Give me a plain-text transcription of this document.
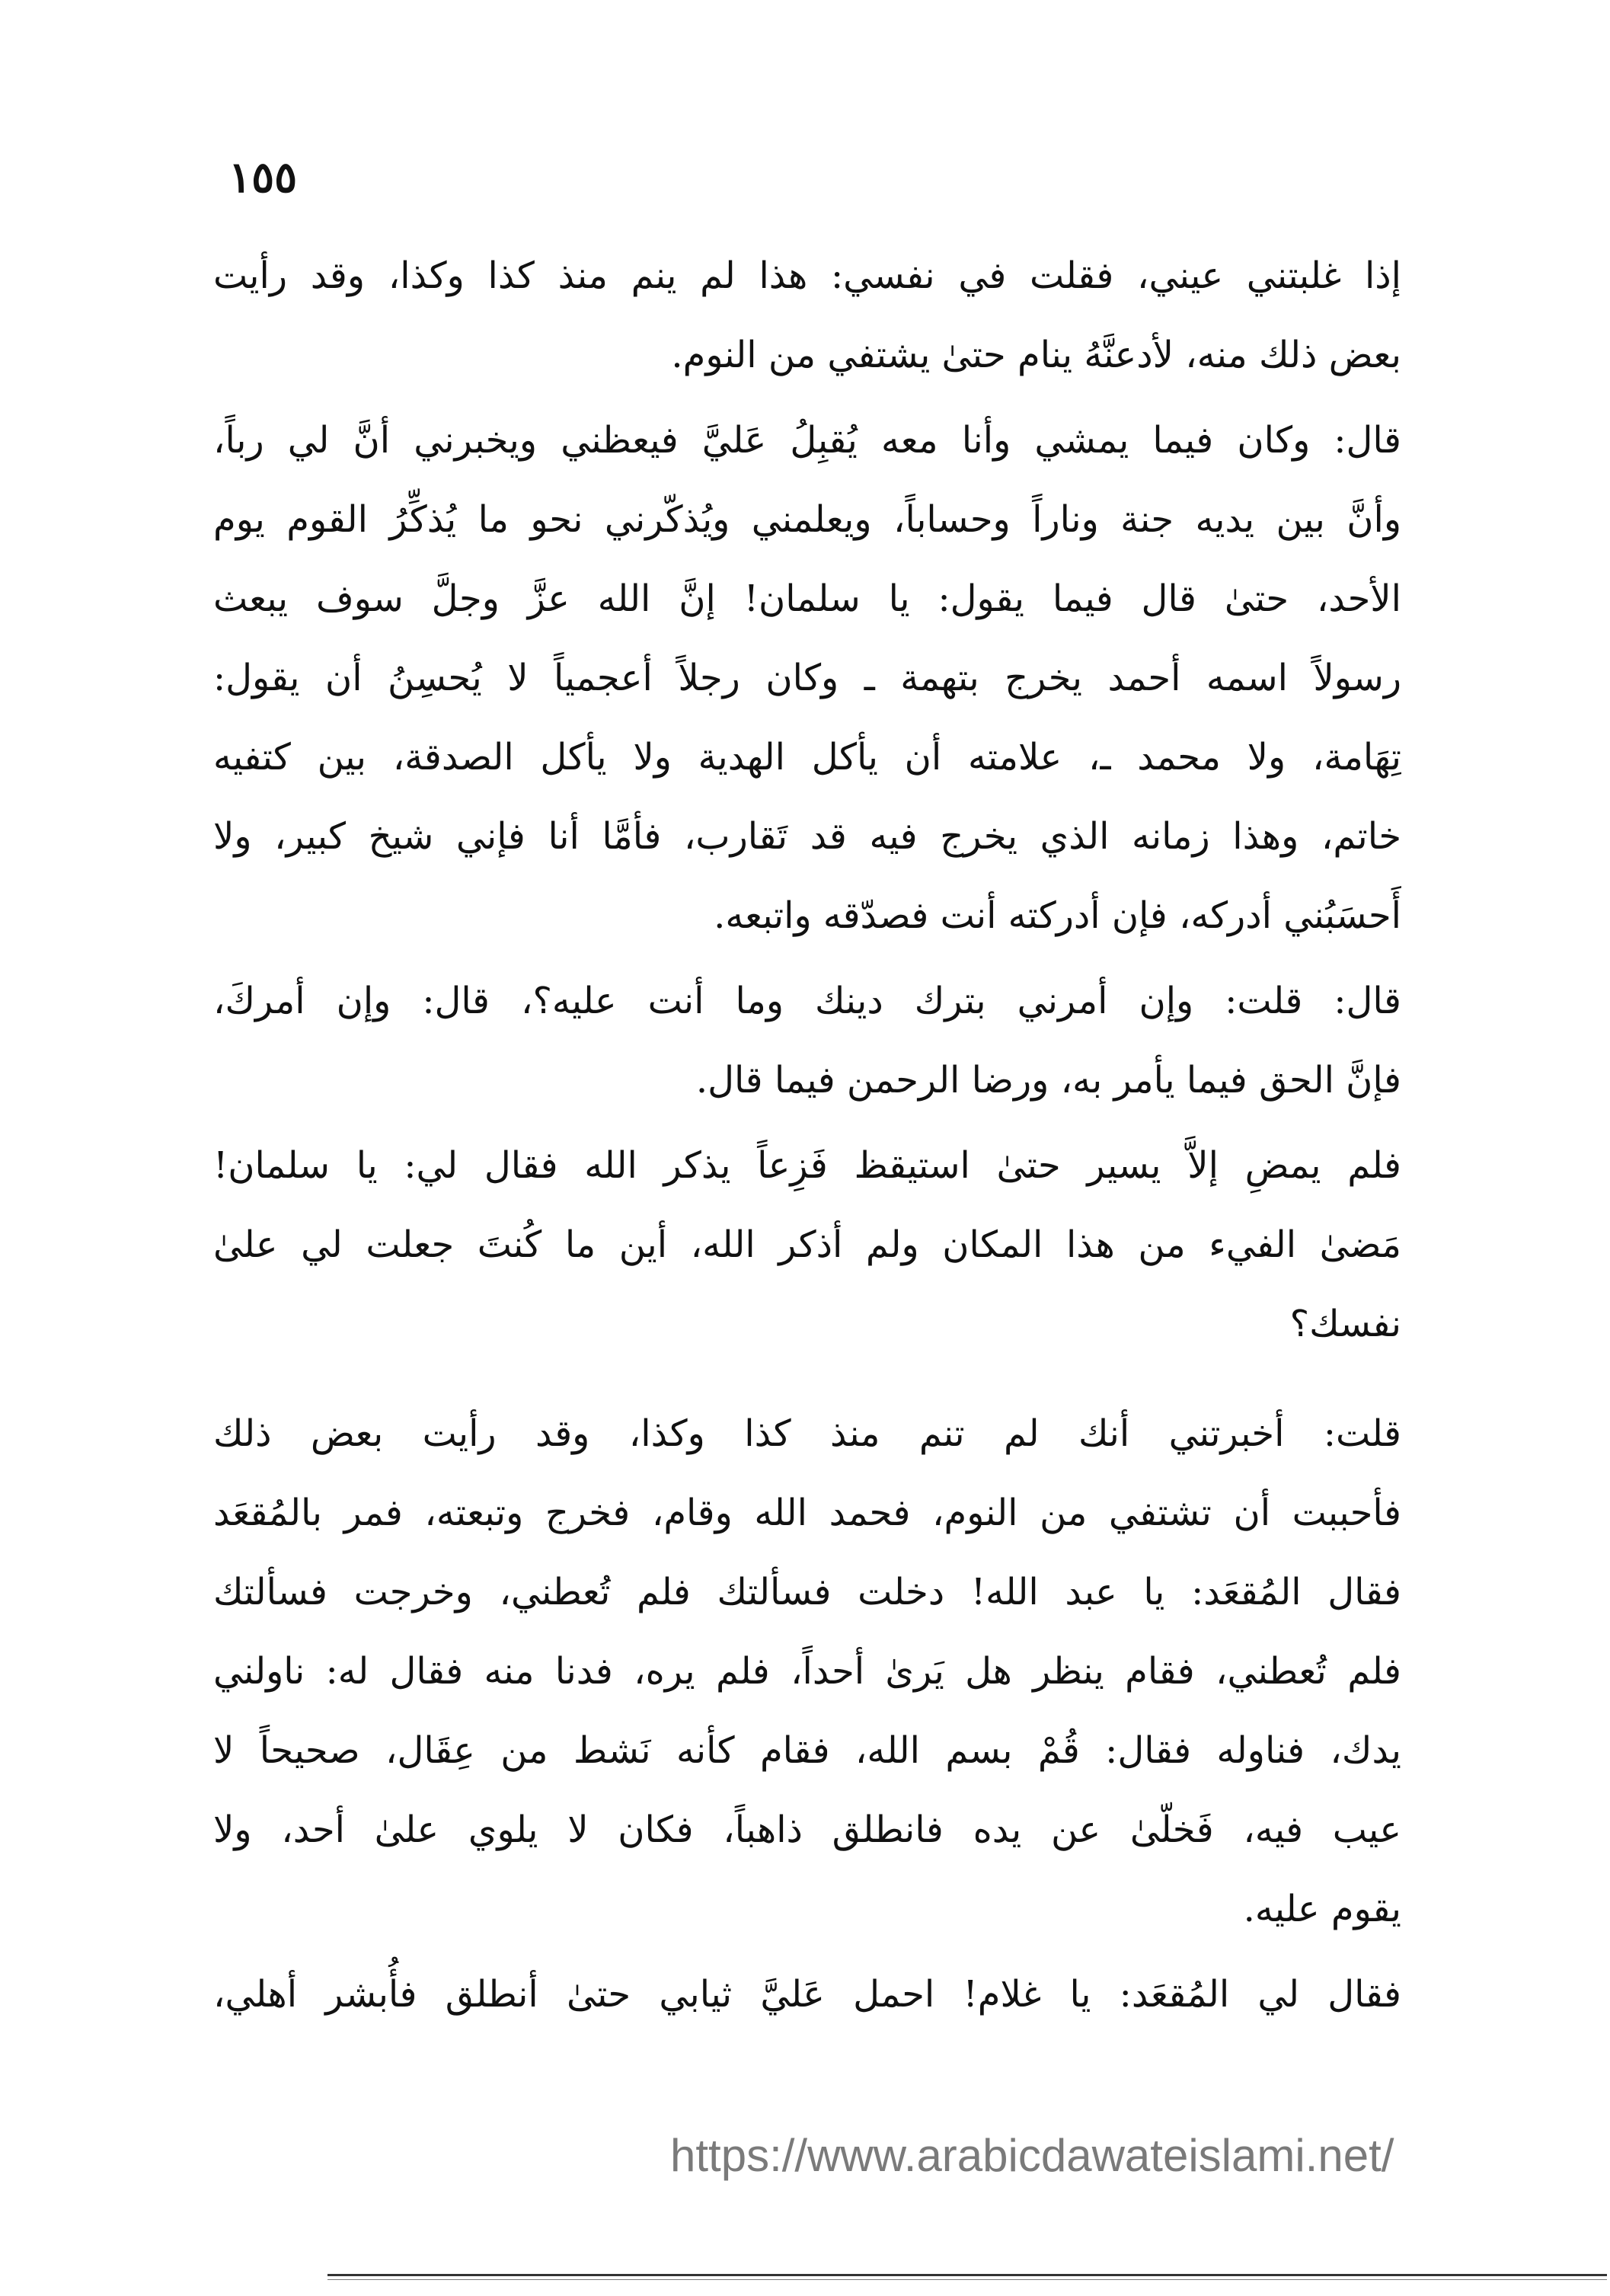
١٥٥
إذا غلبتني عيني، فقلت في نفسي: هذا لم ينم منذ كذا وكذا، وقد رأيت
بعض ذلك منه، لأدعنَّهُ ينام حتىٰ يشتفي من النوم.
قال: وكان فيما يمشي وأنا معه يُقبِلُ عَليَّ فيعظني ويخبرني أنَّ لي رباً،
وأنَّ بين يديه جنة وناراً وحساباً، ويعلمني ويُذكّرني نحو ما يُذكِّرُ القوم يوم
الأحد، حتىٰ قال فيما يقول: يا سلمان! إنَّ الله عزَّ وجلَّ سوف يبعث
رسولاً اسمه أحمد يخرج بتهمة ـ وكان رجلاً أعجمياً لا يُحسِنُ أن يقول:
تِهَامة، ولا محمد ـ، علامته أن يأكل الهدية ولا يأكل الصدقة، بين كتفيه
خاتم، وهذا زمانه الذي يخرج فيه قد تَقارب، فأمَّا أنا فإني شيخ كبير، ولا
أَحسَبُني أدركه، فإن أدركته أنت فصدّقه واتبعه.
قال: قلت: وإن أمرني بترك دينك وما أنت عليه؟، قال: وإن أمركَ،
فإنَّ الحق فيما يأمر به، ورضا الرحمن فيما قال.
فلم يمضِ إلاَّ يسير حتىٰ استيقظ فَزِعاً يذكر الله فقال لي: يا سلمان!
مَضىٰ الفيء من هذا المكان ولم أذكر الله، أين ما كُنتَ جعلت لي علىٰ
نفسك؟
قلت: أخبرتني أنك لم تنم منذ كذا وكذا، وقد رأيت بعض ذلك
فأحببت أن تشتفي من النوم، فحمد الله وقام، فخرج وتبعته، فمر بالمُقعَد
فقال المُقعَد: يا عبد الله! دخلت فسألتك فلم تُعطني، وخرجت فسألتك
فلم تُعطني، فقام ينظر هل يَرىٰ أحداً، فلم يره، فدنا منه فقال له: ناولني
يدك، فناوله فقال: قُمْ بسم الله، فقام كأنه نَشط من عِقَال، صحيحاً لا
عيب فيه، فَخلّىٰ عن يده فانطلق ذاهباً، فكان لا يلوي علىٰ أحد، ولا
يقوم عليه.
فقال لي المُقعَد: يا غلام! احمل عَليَّ ثيابي حتىٰ أنطلق فأُبشر أهلي،
https://www.arabicdawateislami.net/
